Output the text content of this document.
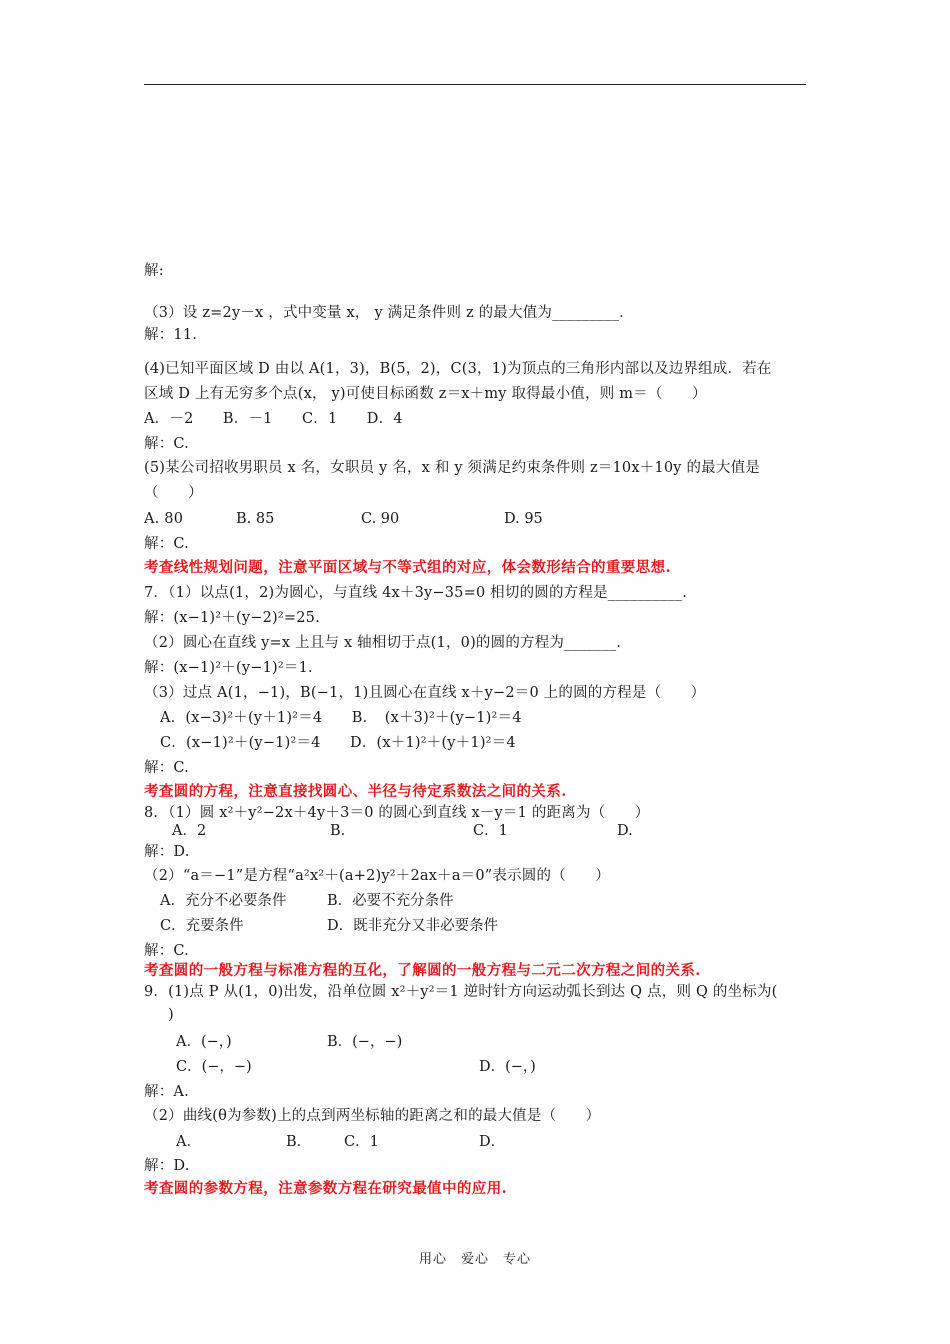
解:
（3）设 z=2y－x ，式中变量 x， y 满足条件则 z 的最大值为_________．
解：11.
(4)已知平面区域 D 由以 A(1，3)，B(5，2)，C(3，1)为顶点的三角形内部以及边界组成．若在
区域 D 上有无穷多个点(x， y)可使目标函数 z＝x＋my 取得最小值，则 m＝（　　）
A．－2　　B．－1　　C．1　　D．4
解：C.
(5)某公司招收男职员 x 名，女职员 y 名，x 和 y 须满足约束条件则 z＝10x＋10y 的最大值是
（　　）
A. 80	B. 85	C. 90	D. 95
解：C.
考查线性规划问题，注意平面区域与不等式组的对应，体会数形结合的重要思想.
7．（1）以点(1，2)为圆心，与直线 4x＋3y−35=0 相切的圆的方程是__________.
解：(x−1)²＋(y−2)²=25.
（2）圆心在直线 y=x 上且与 x 轴相切于点(1，0)的圆的方程为_______.
解：(x−1)²＋(y−1)²＝1.
（3）过点 A(1，−1)，B(−1，1)且圆心在直线 x＋y−2＝0 上的圆的方程是（　　）
A．(x−3)²＋(y＋1)²＝4　　B．　(x＋3)²＋(y−1)²＝4
C．(x−1)²＋(y−1)²＝4　　D．(x＋1)²＋(y＋1)²＝4
解：C.
考查圆的方程，注意直接找圆心、半径与待定系数法之间的关系.
8．（1）圆 x²＋y²−2x＋4y＋3＝0 的圆心到直线 x－y＝1 的距离为（　　）
A．2	B.	C．1	D.
解：D.
（2）“a＝−1”是方程“a²x²＋(a+2)y²＋2ax＋a＝0”表示圆的（　　）
A．充分不必要条件	B．必要不充分条件
C．充要条件	D．既非充分又非必要条件
解：C.
考查圆的一般方程与标准方程的互化，了解圆的一般方程与二元二次方程之间的关系.
9．(1)点 P 从(1，0)出发，沿单位圆 x²＋y²＝1 逆时针方向运动弧长到达 Q 点，则 Q 的坐标为(
)
A．(−，)	B．(−，−)
C．(−，−)	D．(−，)
解：A.
（2）曲线(θ为参数)上的点到两坐标轴的距离之和的最大值是（　　）
A．	B． C．1	D．
解：D.
考查圆的参数方程，注意参数方程在研究最值中的应用.
用心　爱心　专心
